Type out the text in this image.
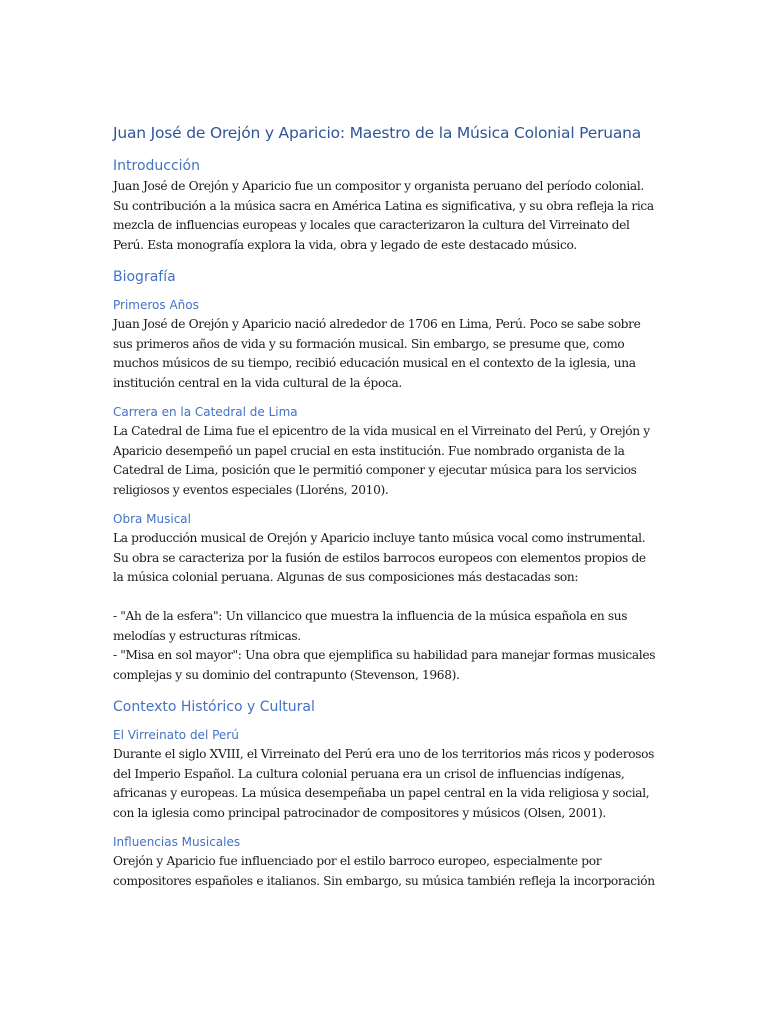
Juan José de Orejón y Aparicio: Maestro de la Música Colonial Peruana
Introducción
Juan José de Orejón y Aparicio fue un compositor y organista peruano del período colonial.
Su contribución a la música sacra en América Latina es significativa, y su obra refleja la rica
mezcla de influencias europeas y locales que caracterizaron la cultura del Virreinato del
Perú. Esta monografía explora la vida, obra y legado de este destacado músico.
Biografía
Primeros Años
Juan José de Orejón y Aparicio nació alrededor de 1706 en Lima, Perú. Poco se sabe sobre
sus primeros años de vida y su formación musical. Sin embargo, se presume que, como
muchos músicos de su tiempo, recibió educación musical en el contexto de la iglesia, una
institución central en la vida cultural de la época.
Carrera en la Catedral de Lima
La Catedral de Lima fue el epicentro de la vida musical en el Virreinato del Perú, y Orejón y
Aparicio desempeñó un papel crucial en esta institución. Fue nombrado organista de la
Catedral de Lima, posición que le permitió componer y ejecutar música para los servicios
religiosos y eventos especiales (Lloréns, 2010).
Obra Musical
La producción musical de Orejón y Aparicio incluye tanto música vocal como instrumental.
Su obra se caracteriza por la fusión de estilos barrocos europeos con elementos propios de
la música colonial peruana. Algunas de sus composiciones más destacadas son:
- "Ah de la esfera": Un villancico que muestra la influencia de la música española en sus
melodías y estructuras rítmicas.
- "Misa en sol mayor": Una obra que ejemplifica su habilidad para manejar formas musicales
complejas y su dominio del contrapunto (Stevenson, 1968).
Contexto Histórico y Cultural
El Virreinato del Perú
Durante el siglo XVIII, el Virreinato del Perú era uno de los territorios más ricos y poderosos
del Imperio Español. La cultura colonial peruana era un crisol de influencias indígenas,
africanas y europeas. La música desempeñaba un papel central en la vida religiosa y social,
con la iglesia como principal patrocinador de compositores y músicos (Olsen, 2001).
Influencias Musicales
Orejón y Aparicio fue influenciado por el estilo barroco europeo, especialmente por
compositores españoles e italianos. Sin embargo, su música también refleja la incorporación
